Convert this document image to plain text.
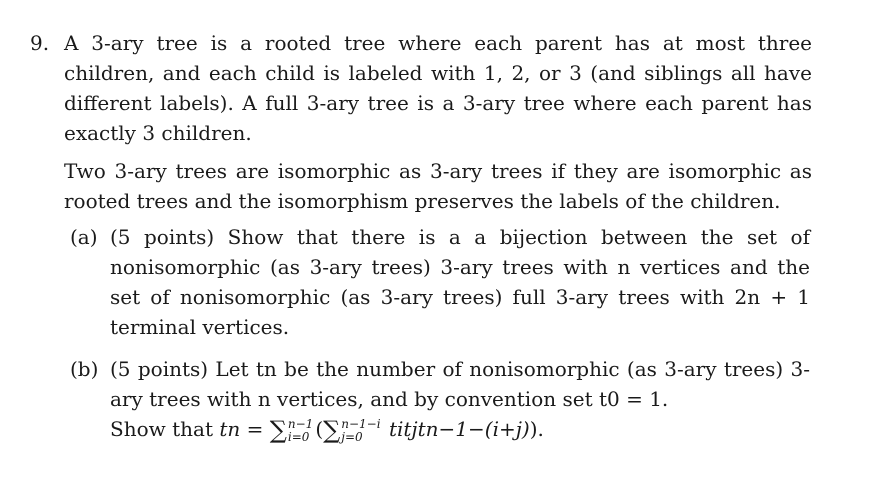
9. A 3-ary tree is a rooted tree where each parent has at most three children, and each child is labeled with 1, 2, or 3 (and siblings all have different labels). A full 3-ary tree is a 3-ary tree where each parent has exactly 3 children.
Two 3-ary trees are isomorphic as 3-ary trees if they are isomorphic as rooted trees and the isomorphism preserves the labels of the children.
(a) (5 points) Show that there is a a bijection between the set of nonisomorphic (as 3-ary trees) 3-ary trees with n vertices and the set of nonisomorphic (as 3-ary trees) full 3-ary trees with 2n + 1 terminal vertices.
(b) (5 points) Let tn be the number of nonisomorphic (as 3-ary trees) 3-ary trees with n vertices, and by convention set t0 = 1.
Show that tn = ∑ n−1
i=0 (∑ n−1−i
j=0	titjtn−1−(i+j)).
